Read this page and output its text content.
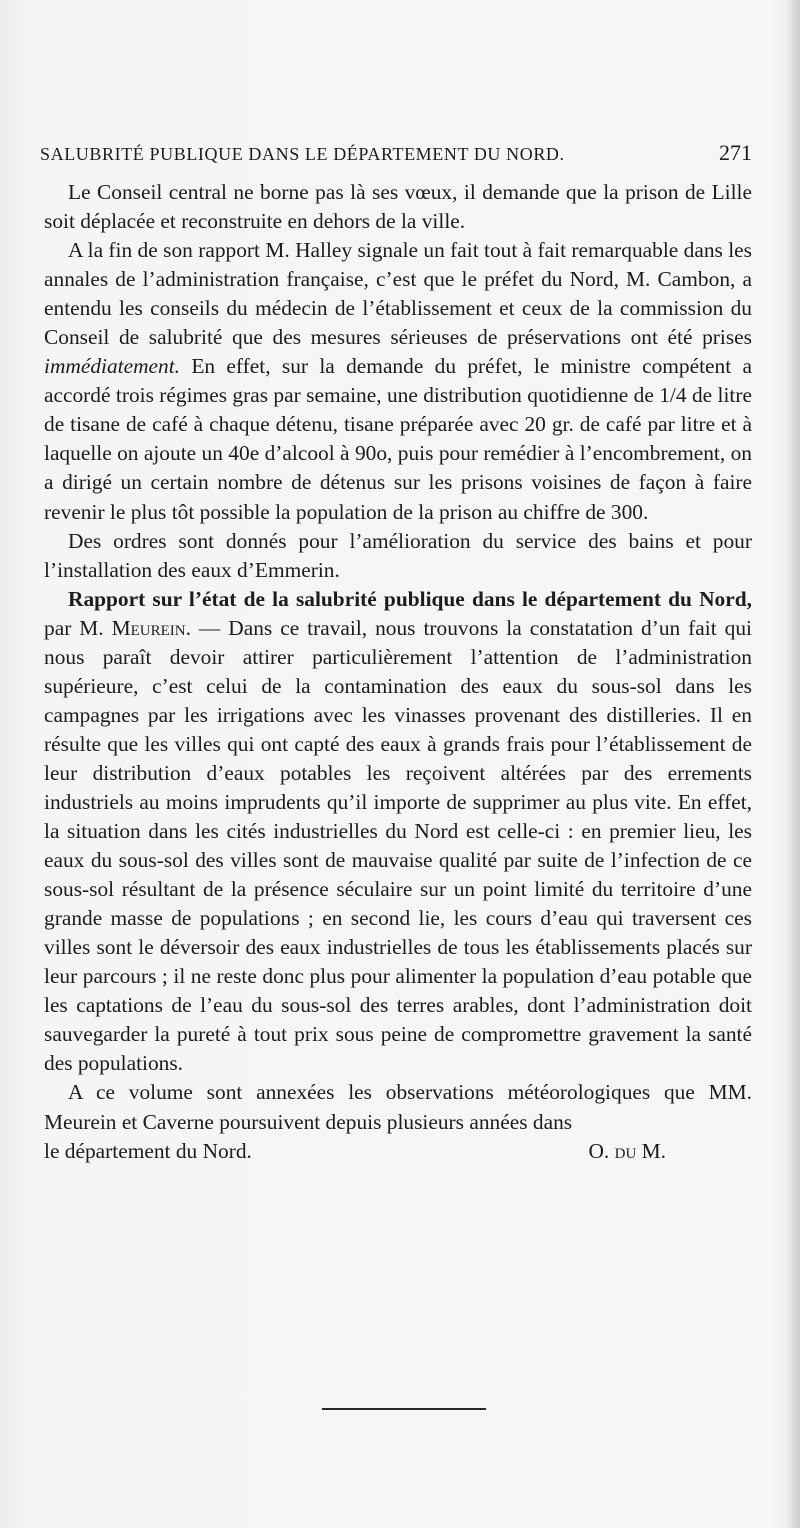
SALUBRITÉ PUBLIQUE DANS LE DÉPARTEMENT DU NORD.	271

Le Conseil central ne borne pas là ses vœux, il demande que la prison de Lille soit déplacée et reconstruite en dehors de la ville.

A la fin de son rapport M. Halley signale un fait tout à fait remarquable dans les annales de l’administration française, c’est que le préfet du Nord, M. Cambon, a entendu les conseils du médecin de l’établissement et ceux de la commission du Conseil de salubrité que des mesures sérieuses de préservations ont été prises immédiatement. En effet, sur la demande du préfet, le ministre compétent a accordé trois régimes gras par semaine, une distribution quotidienne de 1/4 de litre de tisane de café à chaque détenu, tisane préparée avec 20 gr. de café par litre et à laquelle on ajoute un 40e d’alcool à 90o, puis pour remédier à l’encombrement, on a dirigé un certain nombre de détenus sur les prisons voisines de façon à faire revenir le plus tôt possible la population de la prison au chiffre de 300.

Des ordres sont donnés pour l’amélioration du service des bains et pour l’installation des eaux d’Emmerin.

Rapport sur l’état de la salubrité publique dans le département du Nord, par M. Meurein. — Dans ce travail, nous trouvons la constatation d’un fait qui nous paraît devoir attirer particulièrement l’attention de l’administration supérieure, c’est celui de la contamination des eaux du sous-sol dans les campagnes par les irrigations avec les vinasses provenant des distilleries. Il en résulte que les villes qui ont capté des eaux à grands frais pour l’établissement de leur distribution d’eaux potables les reçoivent altérées par des errements industriels au moins imprudents qu’il importe de supprimer au plus vite. En effet, la situation dans les cités industrielles du Nord est celle-ci : en premier lieu, les eaux du sous-sol des villes sont de mauvaise qualité par suite de l’infection de ce sous-sol résultant de la présence séculaire sur un point limité du territoire d’une grande masse de populations ; en second lie, les cours d’eau qui traversent ces villes sont le déversoir des eaux industrielles de tous les établissements placés sur leur parcours ; il ne reste donc plus pour alimenter la population d’eau potable que les captations de l’eau du sous-sol des terres arables, dont l’administration doit sauvegarder la pureté à tout prix sous peine de compromettre gravement la santé des populations.

A ce volume sont annexées les observations météorologiques que MM. Meurein et Caverne poursuivent depuis plusieurs années dans

le département du Nord.	O. du M.
